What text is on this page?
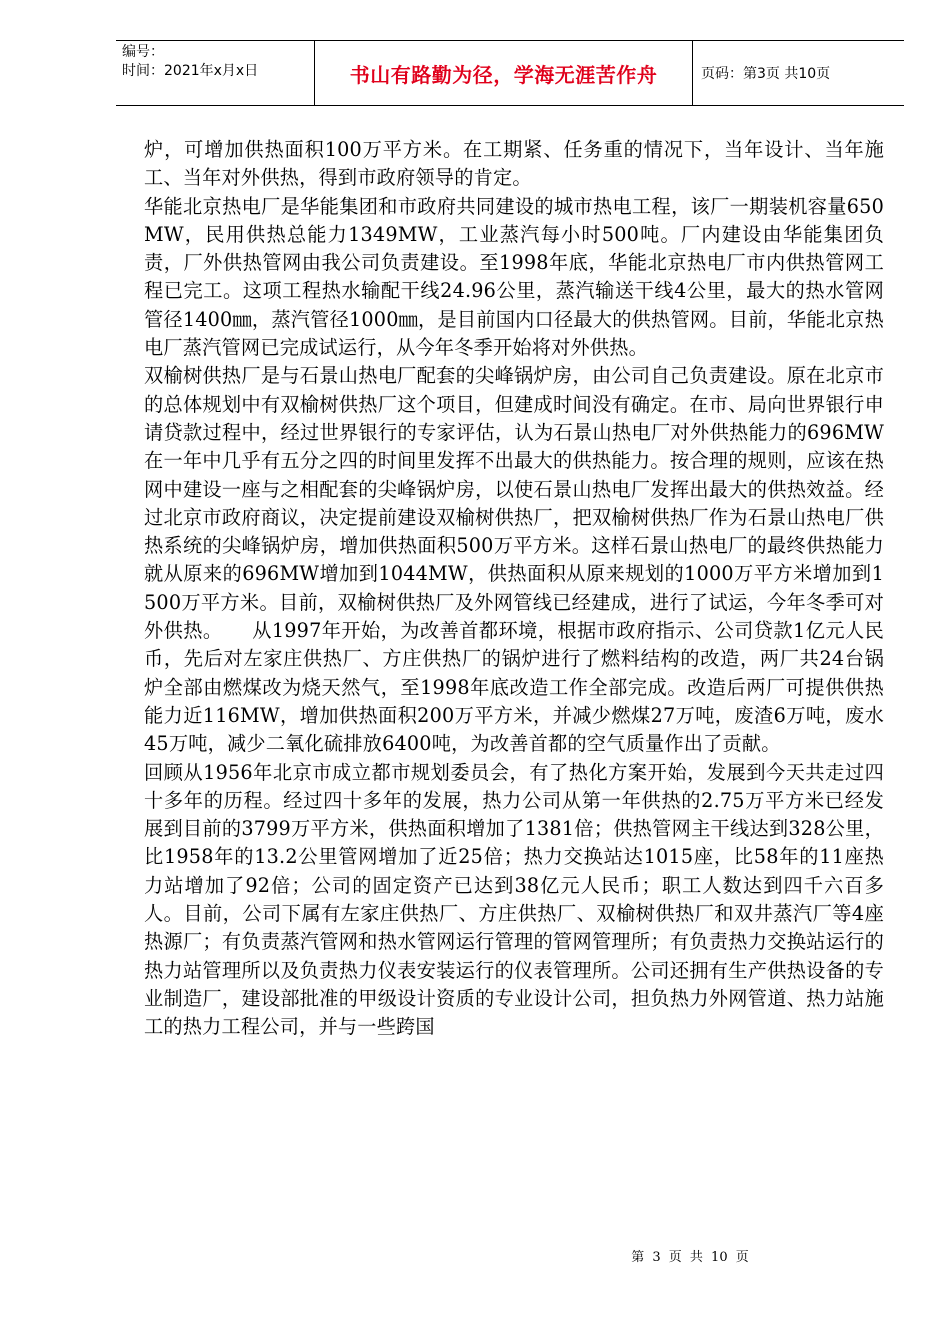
编号：
时间：2021年x月x日	书山有路勤为径，学海无涯苦作舟	页码：第3页 共10页

炉，可增加供热面积100万平方米。在工期紧、任务重的情况下，当年设计、当年施工、当年对外供热，得到市政府领导的肯定。

华能北京热电厂是华能集团和市政府共同建设的城市热电工程，该厂一期装机容量650MW，民用供热总能力1349MW，工业蒸汽每小时500吨。厂内建设由华能集团负责，厂外供热管网由我公司负责建设。至1998年底，华能北京热电厂市内供热管网工程已完工。这项工程热水输配干线24.96公里，蒸汽输送干线4公里，最大的热水管网管径1400㎜，蒸汽管径1000㎜，是目前国内口径最大的供热管网。目前，华能北京热电厂蒸汽管网已完成试运行，从今年冬季开始将对外供热。

双榆树供热厂是与石景山热电厂配套的尖峰锅炉房，由公司自己负责建设。原在北京市的总体规划中有双榆树供热厂这个项目，但建成时间没有确定。在市、局向世界银行申请贷款过程中，经过世界银行的专家评估，认为石景山热电厂对外供热能力的696MW在一年中几乎有五分之四的时间里发挥不出最大的供热能力。按合理的规则，应该在热网中建设一座与之相配套的尖峰锅炉房，以使石景山热电厂发挥出最大的供热效益。经过北京市政府商议，决定提前建设双榆树供热厂，把双榆树供热厂作为石景山热电厂供热系统的尖峰锅炉房，增加供热面积500万平方米。这样石景山热电厂的最终供热能力就从原来的696MW增加到1044MW，供热面积从原来规划的1000万平方米增加到1500万平方米。目前，双榆树供热厂及外网管线已经建成，进行了试运，今年冬季可对外供热。　　从1997年开始，为改善首都环境，根据市政府指示、公司贷款1亿元人民币，先后对左家庄供热厂、方庄供热厂的锅炉进行了燃料结构的改造，两厂共24台锅炉全部由燃煤改为烧天然气，至1998年底改造工作全部完成。改造后两厂可提供供热能力近116MW，增加供热面积200万平方米，并减少燃煤27万吨，废渣6万吨，废水45万吨，减少二氧化硫排放6400吨，为改善首都的空气质量作出了贡献。

回顾从1956年北京市成立都市规划委员会，有了热化方案开始，发展到今天共走过四十多年的历程。经过四十多年的发展，热力公司从第一年供热的2.75万平方米已经发展到目前的3799万平方米，供热面积增加了1381倍；供热管网主干线达到328公里，比1958年的13.2公里管网增加了近25倍；热力交换站达1015座，比58年的11座热力站增加了92倍；公司的固定资产已达到38亿元人民币；职工人数达到四千六百多人。目前，公司下属有左家庄供热厂、方庄供热厂、双榆树供热厂和双井蒸汽厂等4座热源厂；有负责蒸汽管网和热水管网运行管理的管网管理所；有负责热力交换站运行的热力站管理所以及负责热力仪表安装运行的仪表管理所。公司还拥有生产供热设备的专业制造厂，建设部批准的甲级设计资质的专业设计公司，担负热力外网管道、热力站施工的热力工程公司，并与一些跨国

第 3 页 共 10 页
